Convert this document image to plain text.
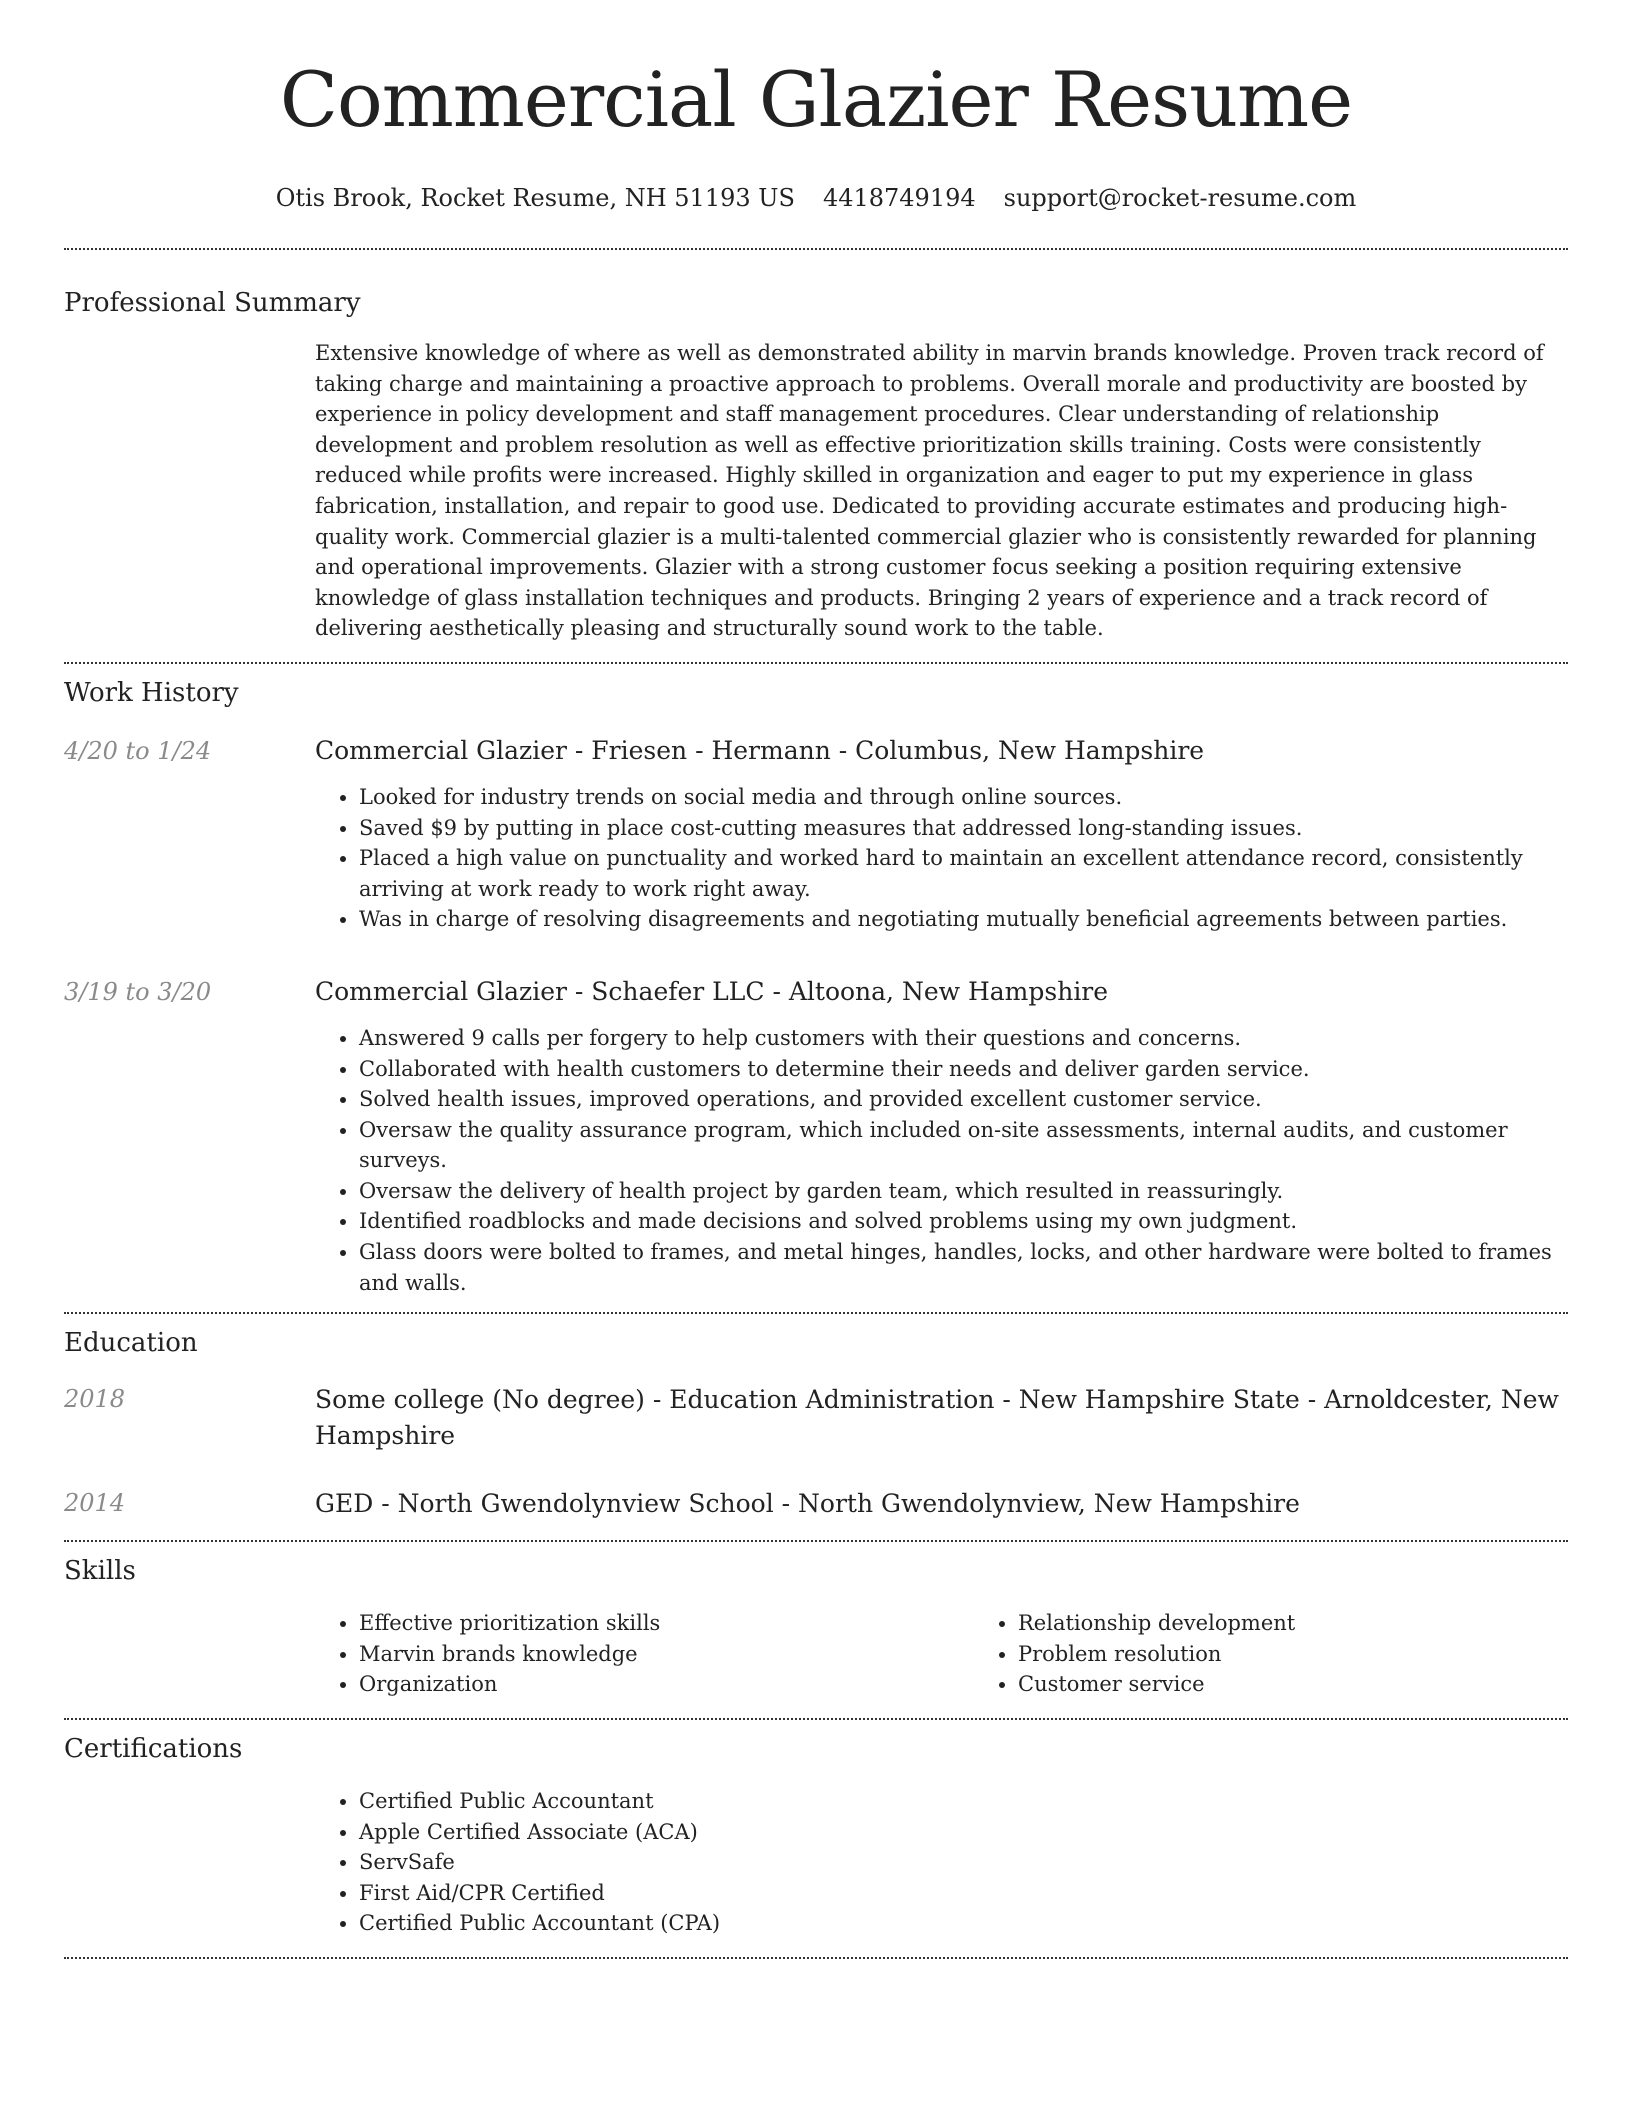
Commercial Glazier Resume
Otis Brook, Rocket Resume, NH 51193 US 4418749194 support@rocket-resume.com
Professional Summary

Extensive knowledge of where as well as demonstrated ability in marvin brands knowledge. Proven track record of taking charge and maintaining a proactive approach to problems. Overall morale and productivity are boosted by experience in policy development and staff management procedures. Clear understanding of relationship development and problem resolution as well as effective prioritization skills training. Costs were consistently reduced while profits were increased. Highly skilled in organization and eager to put my experience in glass fabrication, installation, and repair to good use. Dedicated to providing accurate estimates and producing high-quality work. Commercial glazier is a multi-talented commercial glazier who is consistently rewarded for planning and operational improvements. Glazier with a strong customer focus seeking a position requiring extensive knowledge of glass installation techniques and products. Bringing 2 years of experience and a track record of delivering aesthetically pleasing and structurally sound work to the table.

Work History
4/20 to 1/24	Commercial Glazier - Friesen - Hermann - Columbus, New Hampshire
• Looked for industry trends on social media and through online sources.
• Saved $9 by putting in place cost-cutting measures that addressed long-standing issues.
• Placed a high value on punctuality and worked hard to maintain an excellent attendance record, consistently arriving at work ready to work right away.
• Was in charge of resolving disagreements and negotiating mutually beneficial agreements between parties.
3/19 to 3/20	Commercial Glazier - Schaefer LLC - Altoona, New Hampshire
• Answered 9 calls per forgery to help customers with their questions and concerns.
• Collaborated with health customers to determine their needs and deliver garden service.
• Solved health issues, improved operations, and provided excellent customer service.
• Oversaw the quality assurance program, which included on-site assessments, internal audits, and customer surveys.
• Oversaw the delivery of health project by garden team, which resulted in reassuringly.
• Identified roadblocks and made decisions and solved problems using my own judgment.
• Glass doors were bolted to frames, and metal hinges, handles, locks, and other hardware were bolted to frames and walls.
Education
2018	Some college (No degree) - Education Administration - New Hampshire State - Arnoldcester, New Hampshire
2014	GED - North Gwendolynview School - North Gwendolynview, New Hampshire
Skills
• Effective prioritization skills
• Marvin brands knowledge
• Organization
• Relationship development
• Problem resolution
• Customer service
Certifications
• Certified Public Accountant
• Apple Certified Associate (ACA)
• ServSafe
• First Aid/CPR Certified
• Certified Public Accountant (CPA)
